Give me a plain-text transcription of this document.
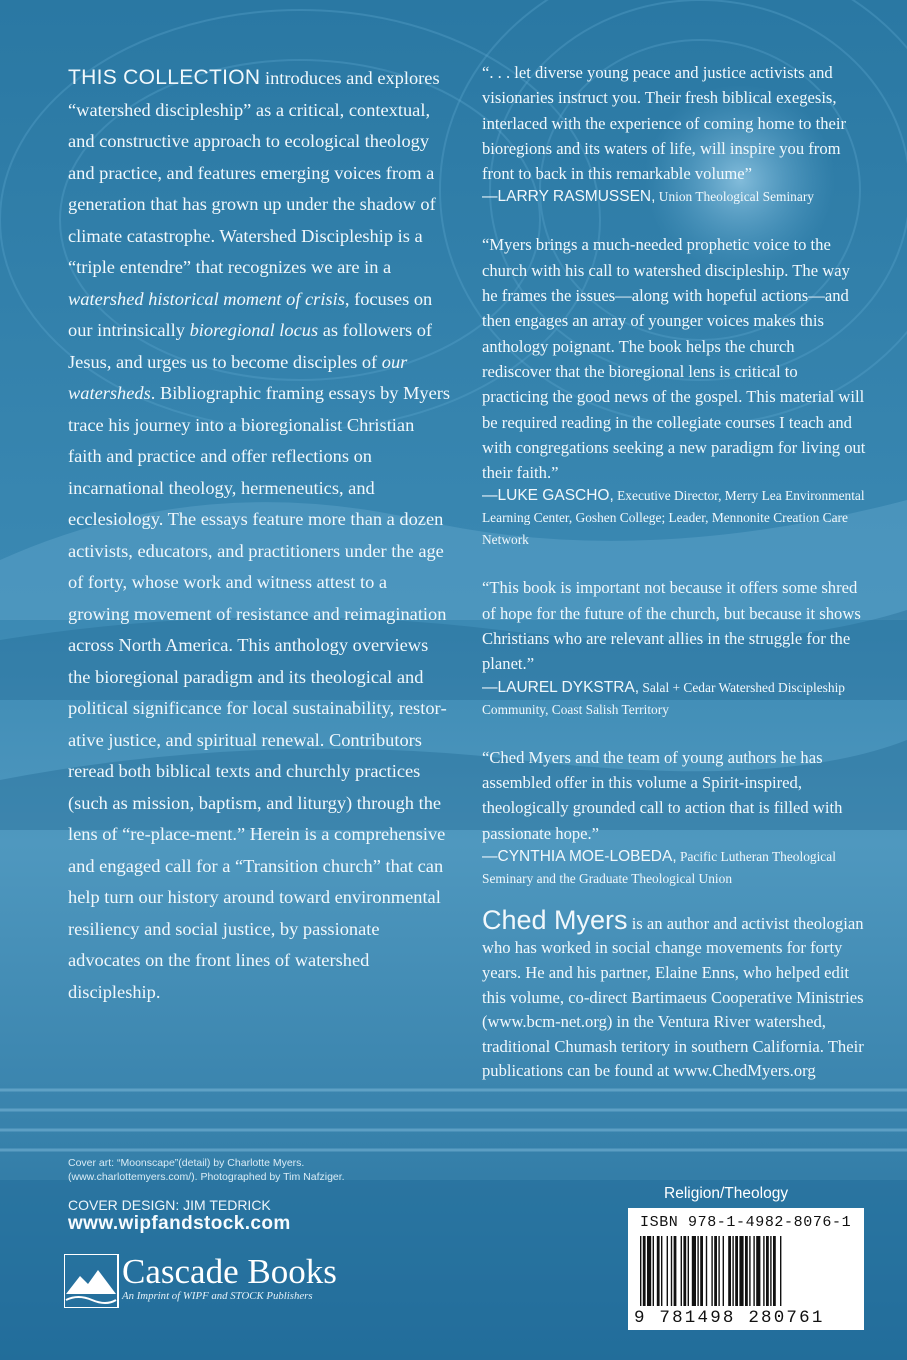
THIS COLLECTION introduces and explores “watershed discipleship” as a critical, contextual, and constructive approach to ecological theology and practice, and features emerging voices from a generation that has grown up under the shadow of climate catastrophe. Watershed Discipleship is a “triple entendre” that recognizes we are in a watershed historical moment of crisis, focuses on our intrinsically bioregional locus as followers of Jesus, and urges us to become disciples of our watersheds. Bibliographic framing essays by Myers trace his journey into a bioregionalist Christian faith and practice and offer reflections on incarnational theology, hermeneutics, and ecclesiology. The essays feature more than a dozen activists, educators, and practitioners under the age of forty, whose work and witness attest to a growing movement of resistance and reimagination across North America. This anthology overviews the bioregional paradigm and its theological and political significance for local sustainability, restorative justice, and spiritual renewal. Contributors reread both biblical texts and churchly practices (such as mission, baptism, and liturgy) through the lens of “re-place-ment.” Herein is a comprehensive and engaged call for a “Transition church” that can help turn our history around toward environmental resiliency and social justice, by passionate advocates on the front lines of watershed discipleship.

“. . . let diverse young peace and justice activists and visionaries instruct you. Their fresh biblical exegesis, interlaced with the experience of coming home to their bioregions and its waters of life, will inspire you from front to back in this remarkable volume”

—LARRY RASMUSSEN, Union Theological Seminary

“Myers brings a much-needed prophetic voice to the church with his call to watershed discipleship. The way he frames the issues—along with hopeful actions—and then engages an array of younger voices makes this anthology poignant. The book helps the church rediscover that the bioregional lens is critical to practicing the good news of the gospel. This material will be required reading in the collegiate courses I teach and with congregations seeking a new paradigm for living out their faith.”

—LUKE GASCHO, Executive Director, Merry Lea Environmental Learning Center, Goshen College; Leader, Mennonite Creation Care Network

“This book is important not because it offers some shred of hope for the future of the church, but because it shows Christians who are relevant allies in the struggle for the planet.”

—LAUREL DYKSTRA, Salal + Cedar Watershed Discipleship Community, Coast Salish Territory

“Ched Myers and the team of young authors he has assembled offer in this volume a Spirit-inspired, theologically grounded call to action that is filled with passionate hope.”

—CYNTHIA MOE-LOBEDA, Pacific Lutheran Theological Seminary and the Graduate Theological Union

Ched Myers is an author and activist theologian who has worked in social change movements for forty years. He and his partner, Elaine Enns, who helped edit this volume, co-direct Bartimaeus Cooperative Ministries (www.bcm-net.org) in the Ventura River watershed, traditional Chumash teritory in southern California. Their publications can be found at www.ChedMyers.org
Cover art: “Moonscape”(detail) by Charlotte Myers.
(www.charlottemyers.com/). Photographed by Tim Nafziger.
COVER DESIGN: JIM TEDRICK
www.wipfandstock.com
Cascade Books
An Imprint of WIPF and STOCK Publishers
Religion/Theology
ISBN 978-1-4982-8076-1
9 781498 280761
